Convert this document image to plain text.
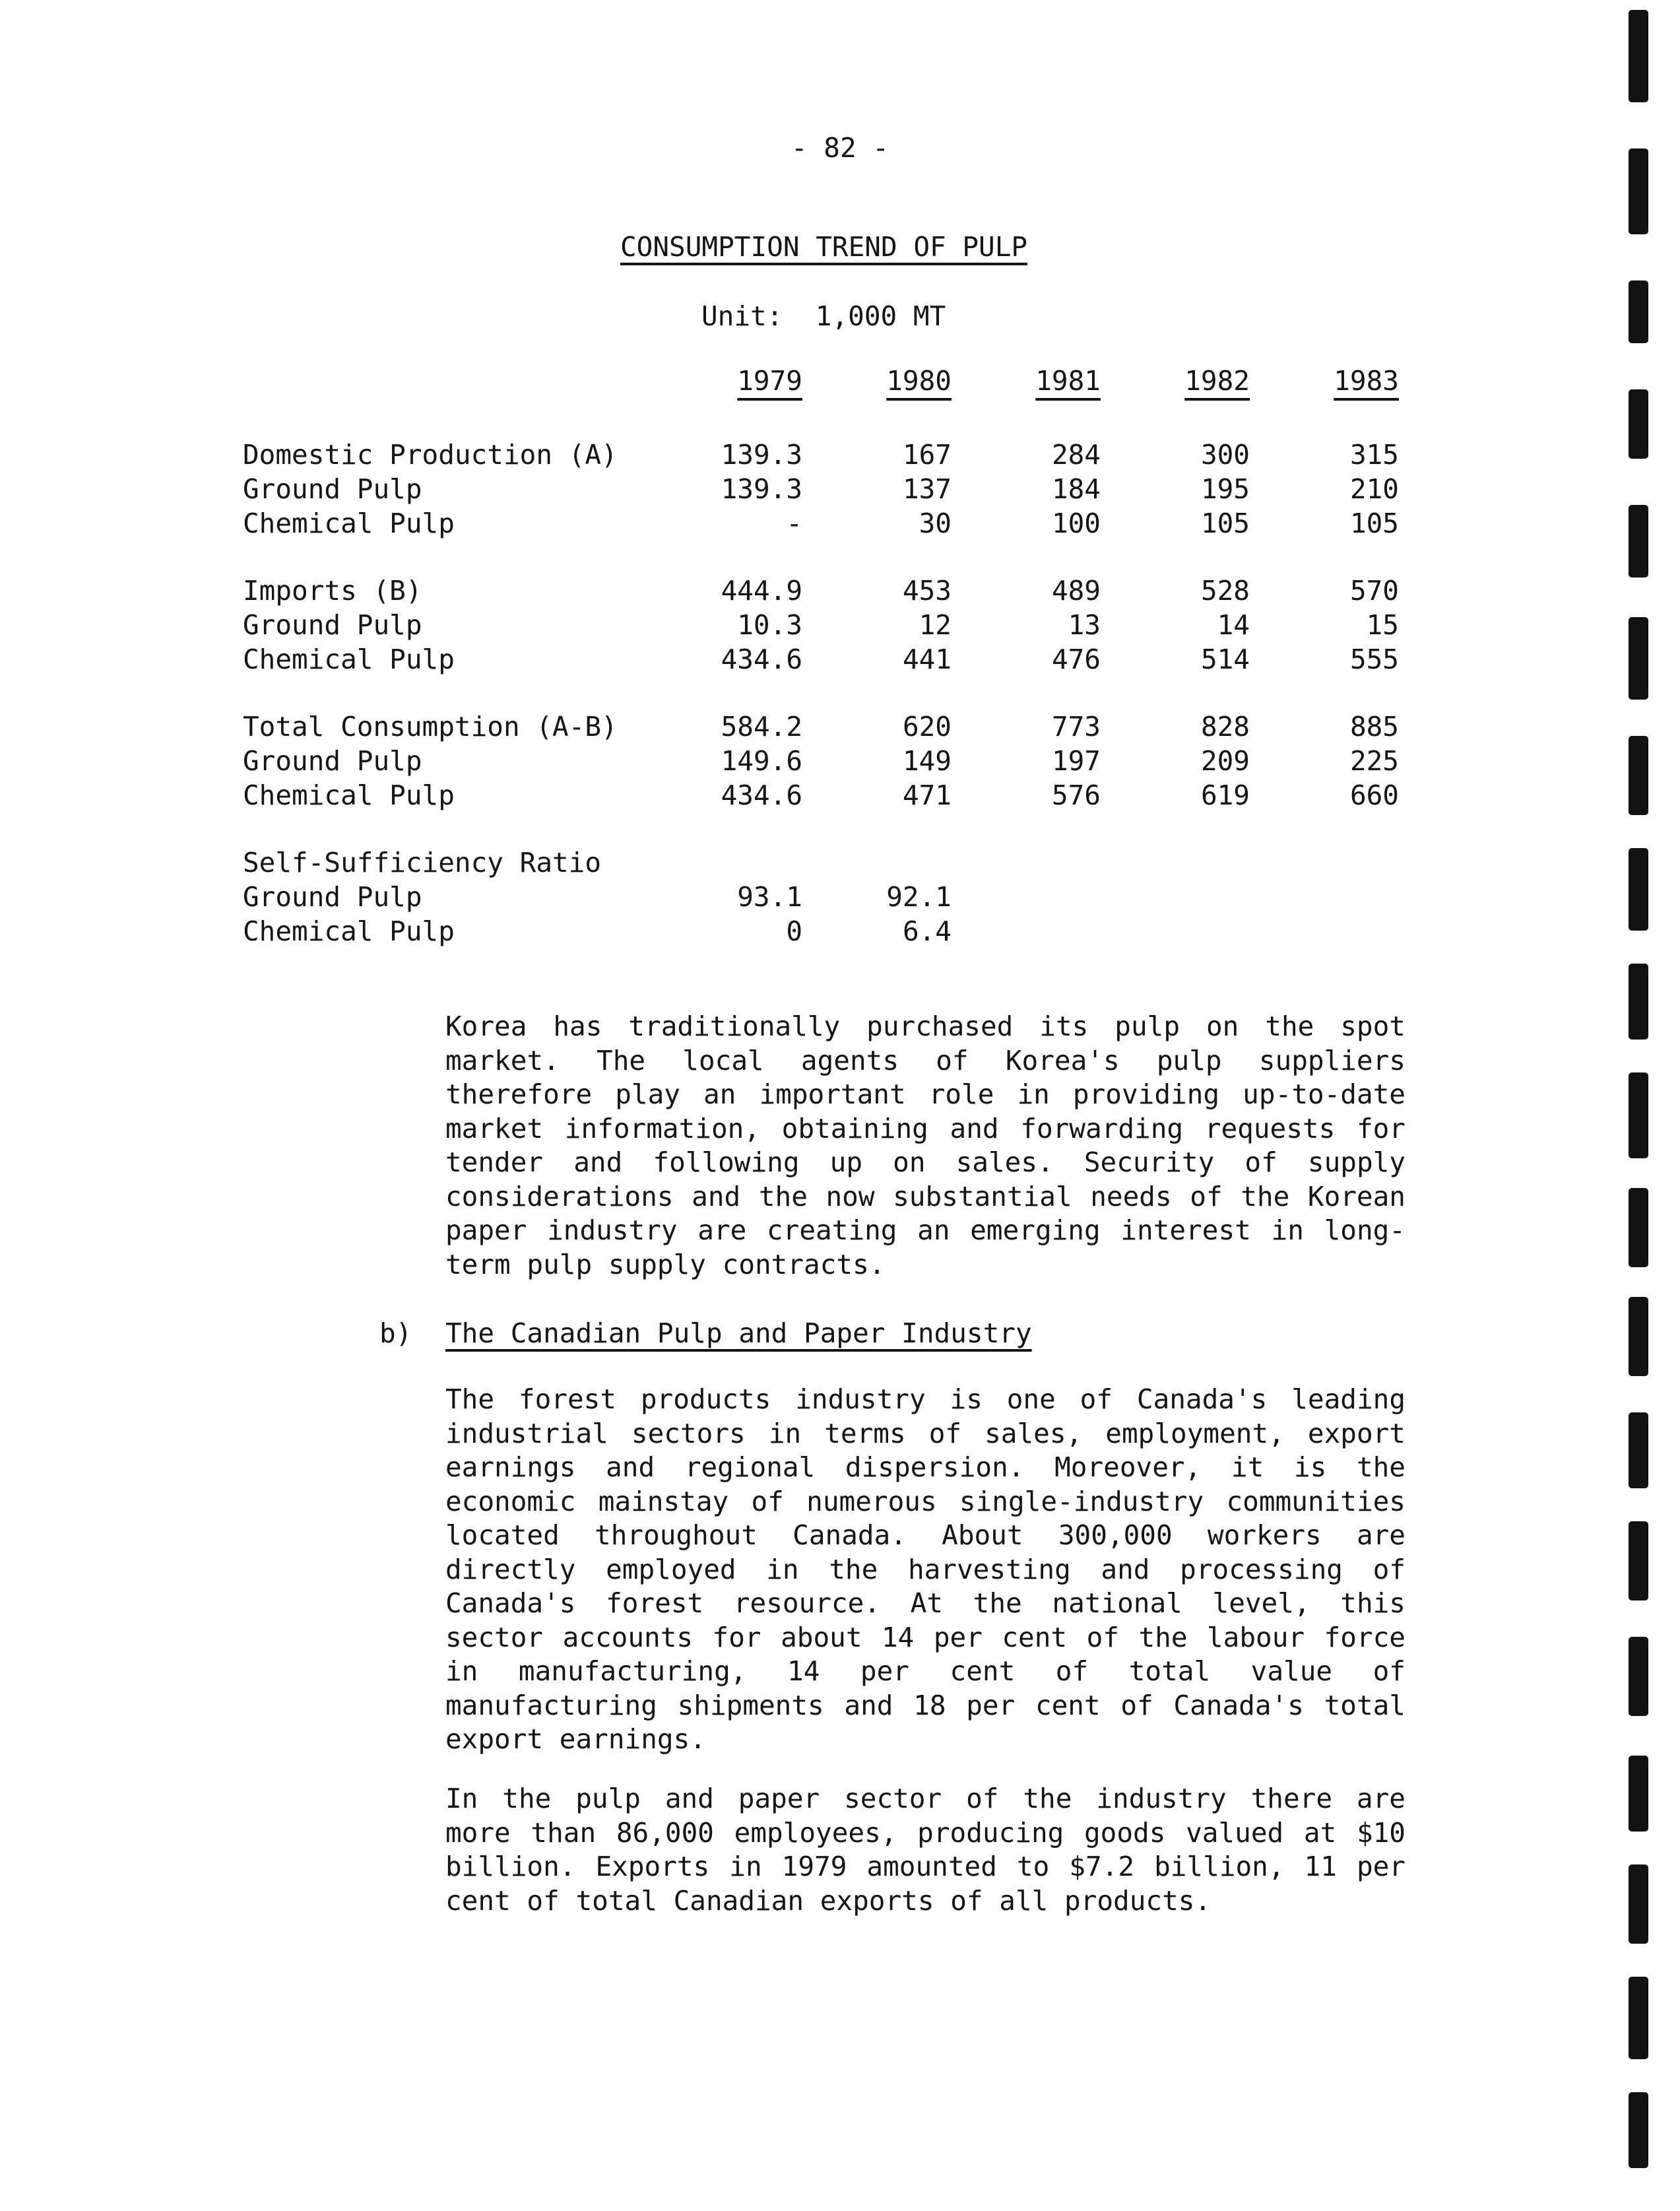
- 82 -
CONSUMPTION TREND OF PULP
Unit:  1,000 MT
1979	1980	1981	1982	1983
Domestic Production (A)	139.3	167	284	300	315
Ground Pulp	139.3	137	184	195	210
Chemical Pulp	-	30	100	105	105
Imports (B)	444.9	453	489	528	570
Ground Pulp	10.3	12	13	14	15
Chemical Pulp	434.6	441	476	514	555
Total Consumption (A-B)	584.2	620	773	828	885
Ground Pulp	149.6	149	197	209	225
Chemical Pulp	434.6	471	576	619	660
Self-Sufficiency Ratio
Ground Pulp	93.1	92.1
Chemical Pulp	0	6.4
Korea has traditionally purchased its pulp on the spot market. The local agents of Korea's pulp suppliers therefore play an important role in providing up-to-date market information, obtaining and forwarding requests for tender and following up on sales. Security of supply considerations and the now substantial needs of the Korean paper industry are creating an emerging interest in long-term pulp supply contracts.
b) The Canadian Pulp and Paper Industry
The forest products industry is one of Canada's leading industrial sectors in terms of sales, employment, export earnings and regional dispersion. Moreover, it is the economic mainstay of numerous single-industry communities located throughout Canada. About 300,000 workers are directly employed in the harvesting and processing of Canada's forest resource. At the national level, this sector accounts for about 14 per cent of the labour force in manufacturing, 14 per cent of total value of manufacturing shipments and 18 per cent of Canada's total export earnings.
In the pulp and paper sector of the industry there are more than 86,000 employees, producing goods valued at $10 billion. Exports in 1979 amounted to $7.2 billion, 11 per cent of total Canadian exports of all products.
